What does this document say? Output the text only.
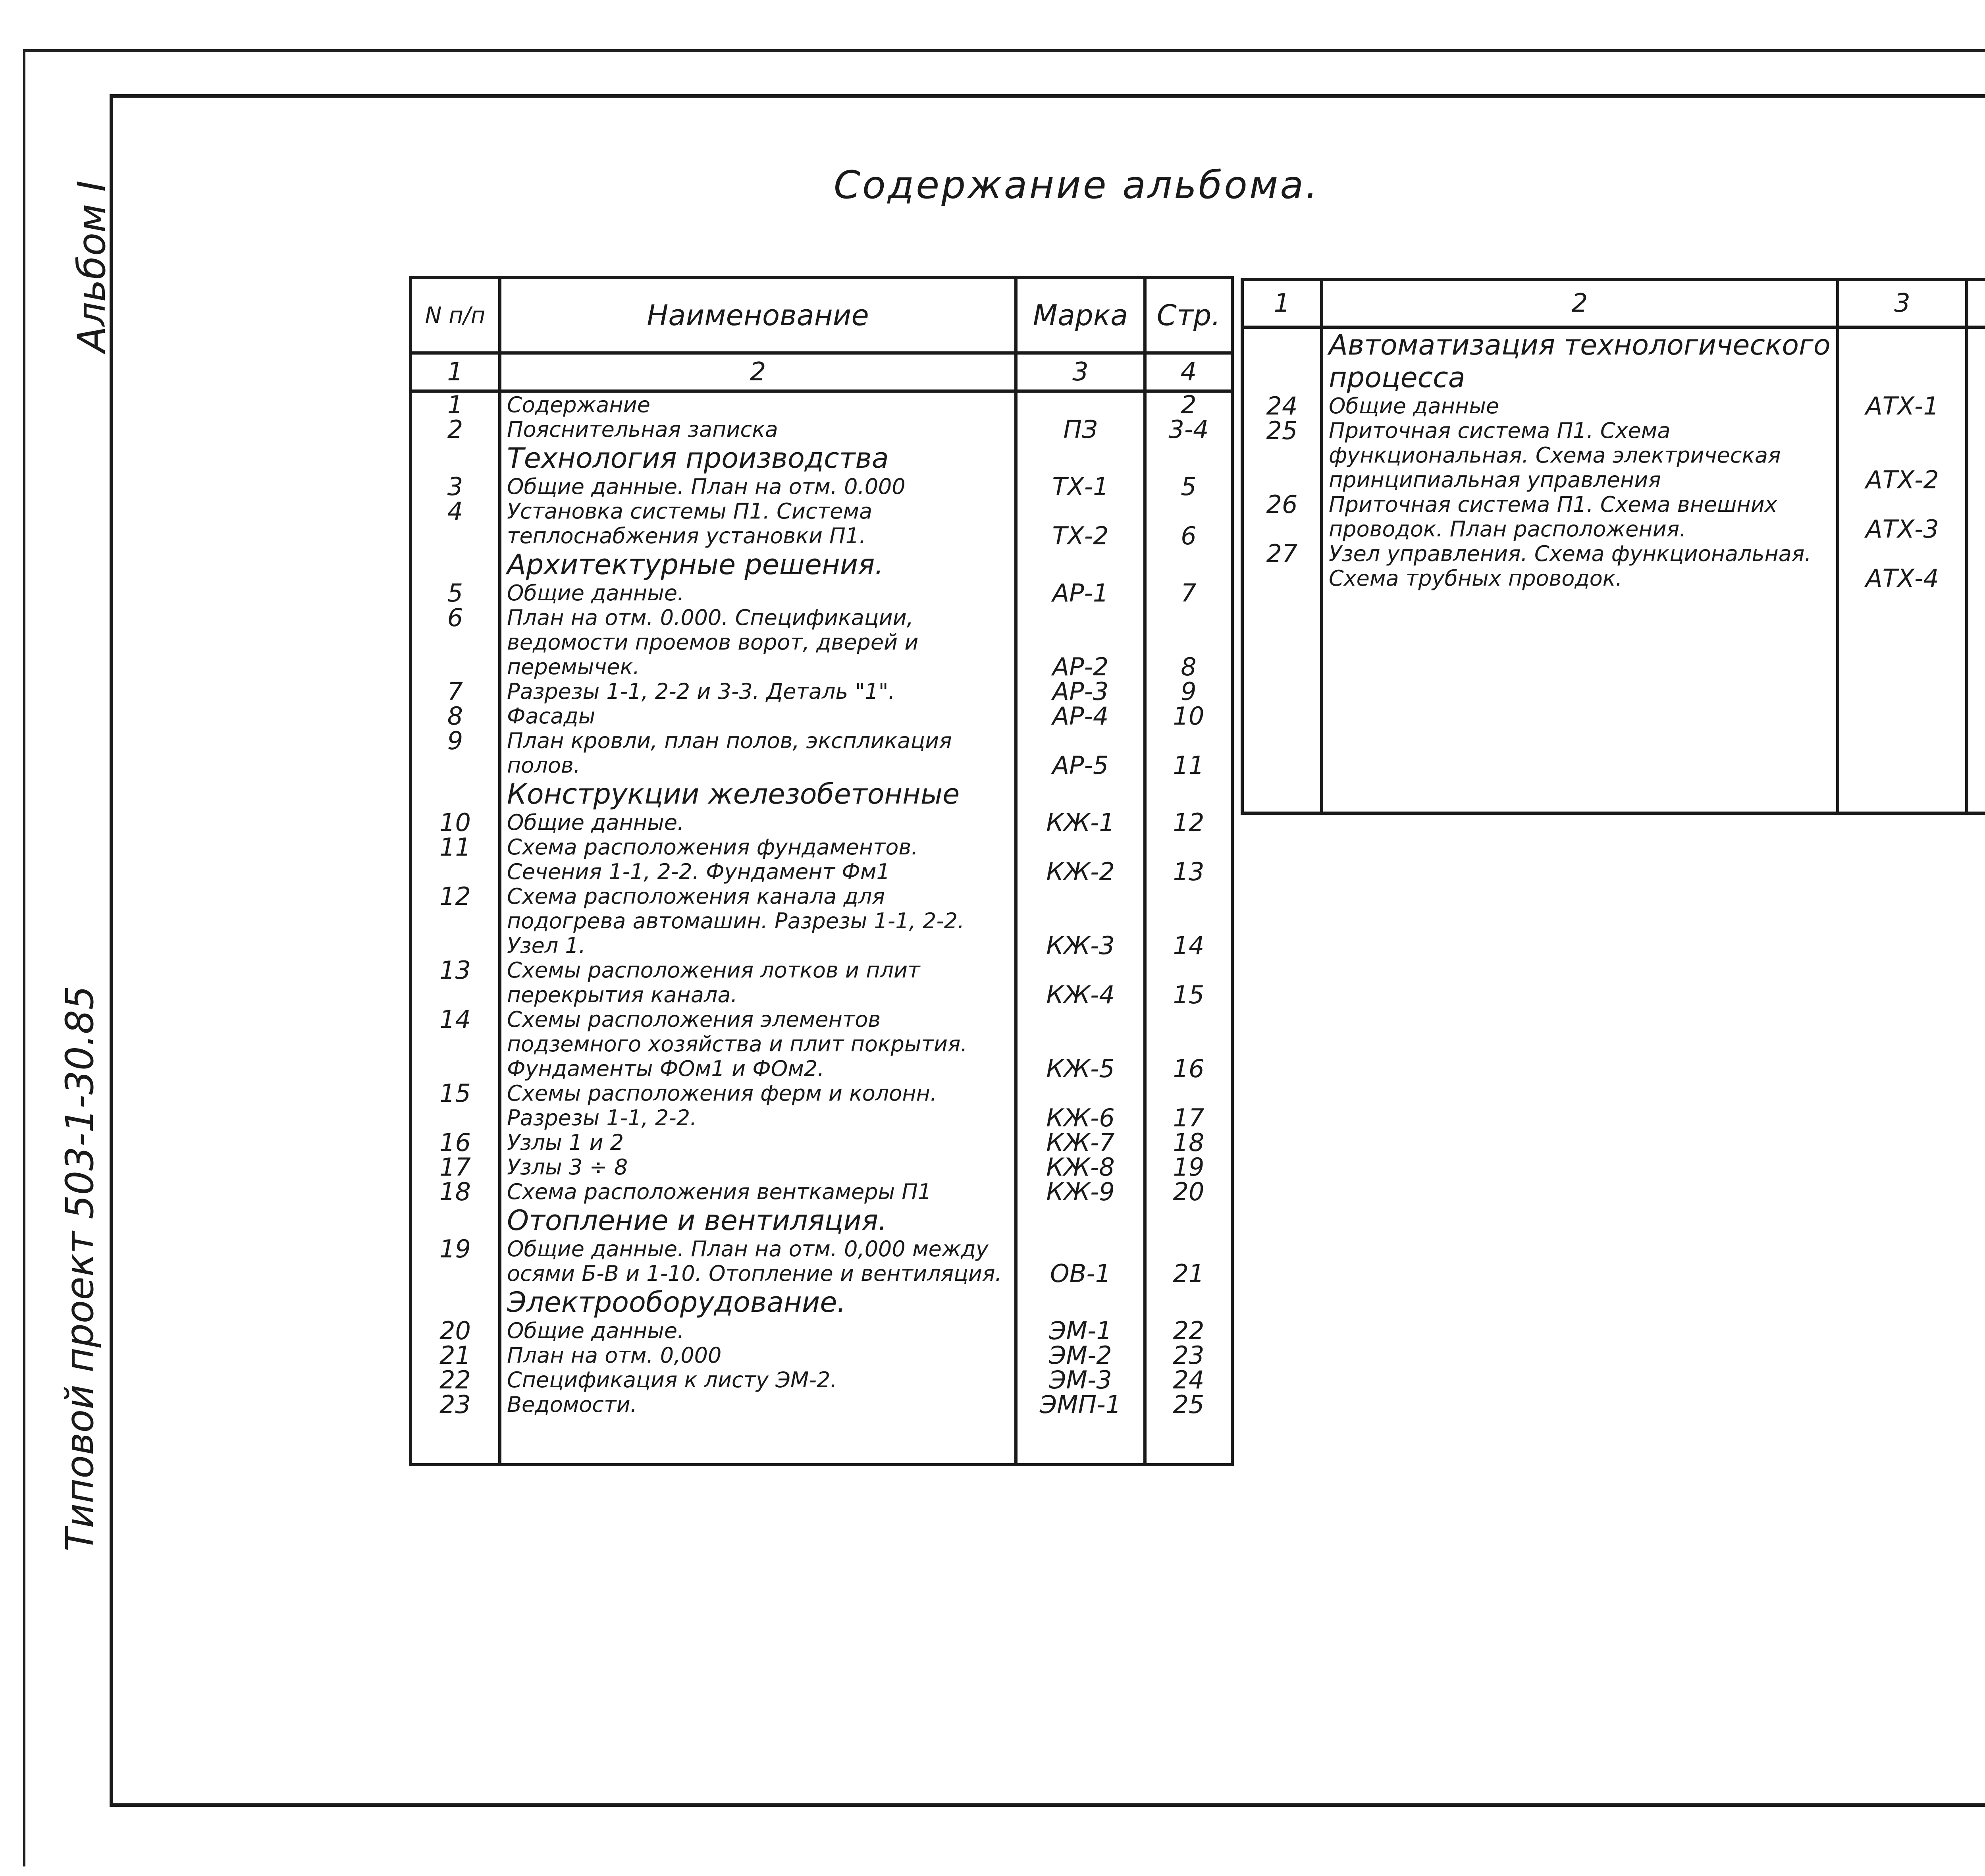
Альбом I
Типовой проект 503-1-30.85
Содержание альбома.
N п/п	Наименование	Марка	Стр.
1	2	3	4
1	Содержание		2
2	Пояснительная записка	ПЗ	3-4
	Технология производства		
3	Общие данные. План на отм. 0.000	ТХ-1	5
4	Установка системы П1. Система теплоснабжения установки П1.	ТХ-2	6
	Архитектурные решения.		
5	Общие данные.	АР-1	7
6	План на отм. 0.000. Спецификации, ведомости проемов ворот, дверей и перемычек.	АР-2	8
7	Разрезы 1-1, 2-2 и 3-3. Деталь "1".	АР-3	9
8	Фасады	АР-4	10
9	План кровли, план полов, экспликация полов.	АР-5	11
	Конструкции железобетонные		
10	Общие данные.	КЖ-1	12
11	Схема расположения фундаментов. Сечения 1-1, 2-2. Фундамент Фм1	КЖ-2	13
12	Схема расположения канала для подогрева автомашин. Разрезы 1-1, 2-2. Узел 1.	КЖ-3	14
13	Схемы расположения лотков и плит перекрытия канала.	КЖ-4	15
14	Схемы расположения элементов подземного хозяйства и плит покрытия. Фундаменты ФОм1 и ФОм2.	КЖ-5	16
15	Схемы расположения ферм и колонн. Разрезы 1-1, 2-2.	КЖ-6	17
16	Узлы 1 и 2	КЖ-7	18
17	Узлы 3 ÷ 8	КЖ-8	19
18	Схема расположения венткамеры П1	КЖ-9	20
	Отопление и вентиляция.		
19	Общие данные. План на отм. 0,000 между осями Б-В и 1-10. Отопление и вентиляция.	ОВ-1	21
	Электрооборудование.		
20	Общие данные.	ЭМ-1	22
21	План на отм. 0,000	ЭМ-2	23
22	Спецификация к листу ЭМ-2.	ЭМ-3	24
23	Ведомости.	ЭМП-1	25

1	2	3	
	Автоматизация технологического процесса		
24	Общие данные	АТХ-1	
25	Приточная система П1. Схема функциональная. Схема электрическая принципиальная управления	АТХ-2	
26	Приточная система П1. Схема внешних проводок. План расположения.	АТХ-3	
27	Узел управления. Схема функциональная. Схема трубных проводок.	АТХ-4	
